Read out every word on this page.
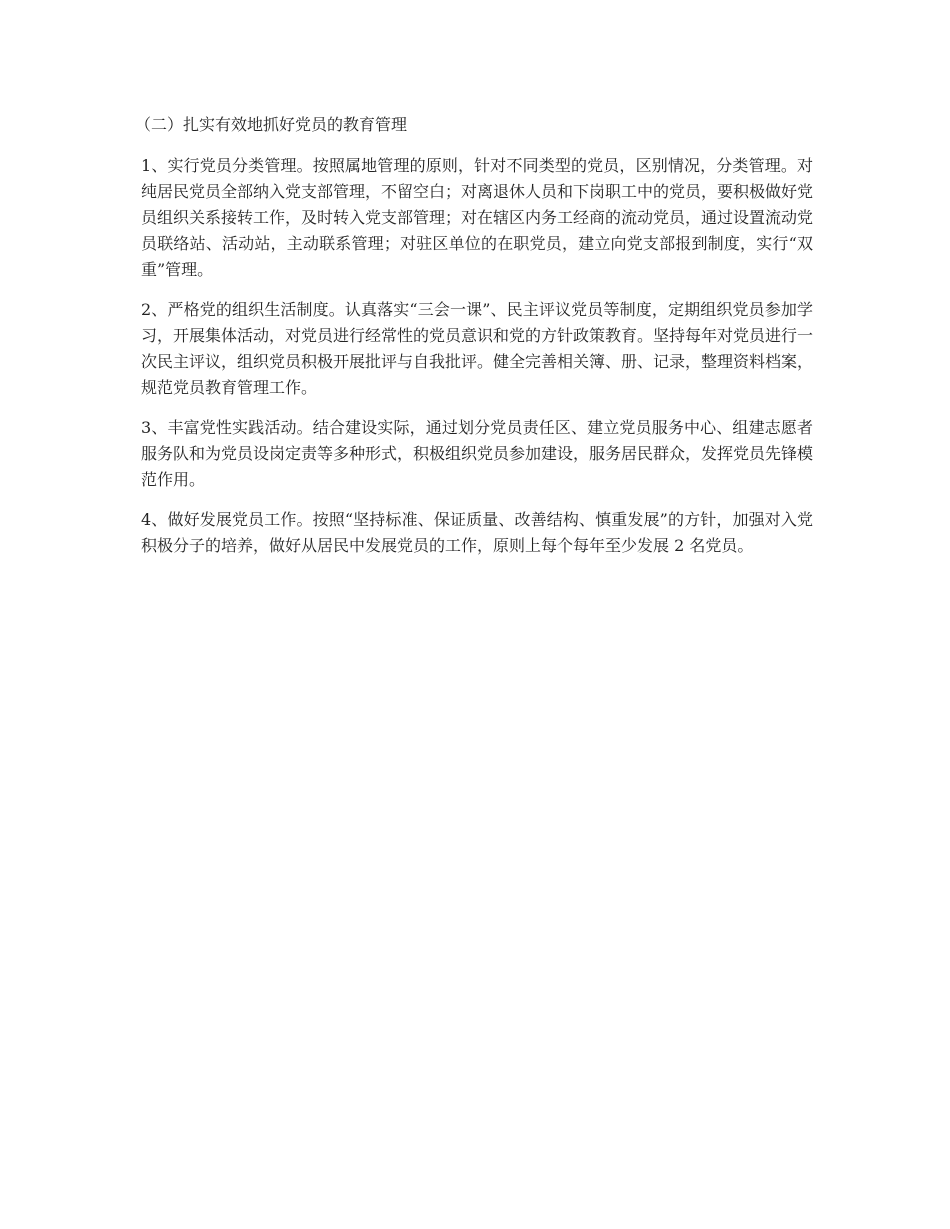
（二）扎实有效地抓好党员的教育管理

1、实行党员分类管理。按照属地管理的原则，针对不同类型的党员，区别情况，分类管理。对纯居民党员全部纳入党支部管理，不留空白；对离退休人员和下岗职工中的党员，要积极做好党员组织关系接转工作，及时转入党支部管理；对在辖区内务工经商的流动党员，通过设置流动党员联络站、活动站，主动联系管理；对驻区单位的在职党员，建立向党支部报到制度，实行“双重”管理。

2、严格党的组织生活制度。认真落实“三会一课”、民主评议党员等制度，定期组织党员参加学习，开展集体活动，对党员进行经常性的党员意识和党的方针政策教育。坚持每年对党员进行一次民主评议，组织党员积极开展批评与自我批评。健全完善相关簿、册、记录，整理资料档案，规范党员教育管理工作。

3、丰富党性实践活动。结合建设实际，通过划分党员责任区、建立党员服务中心、组建志愿者服务队和为党员设岗定责等多种形式，积极组织党员参加建设，服务居民群众，发挥党员先锋模范作用。

4、做好发展党员工作。按照“坚持标准、保证质量、改善结构、慎重发展”的方针，加强对入党积极分子的培养，做好从居民中发展党员的工作，原则上每个每年至少发展 2 名党员。
